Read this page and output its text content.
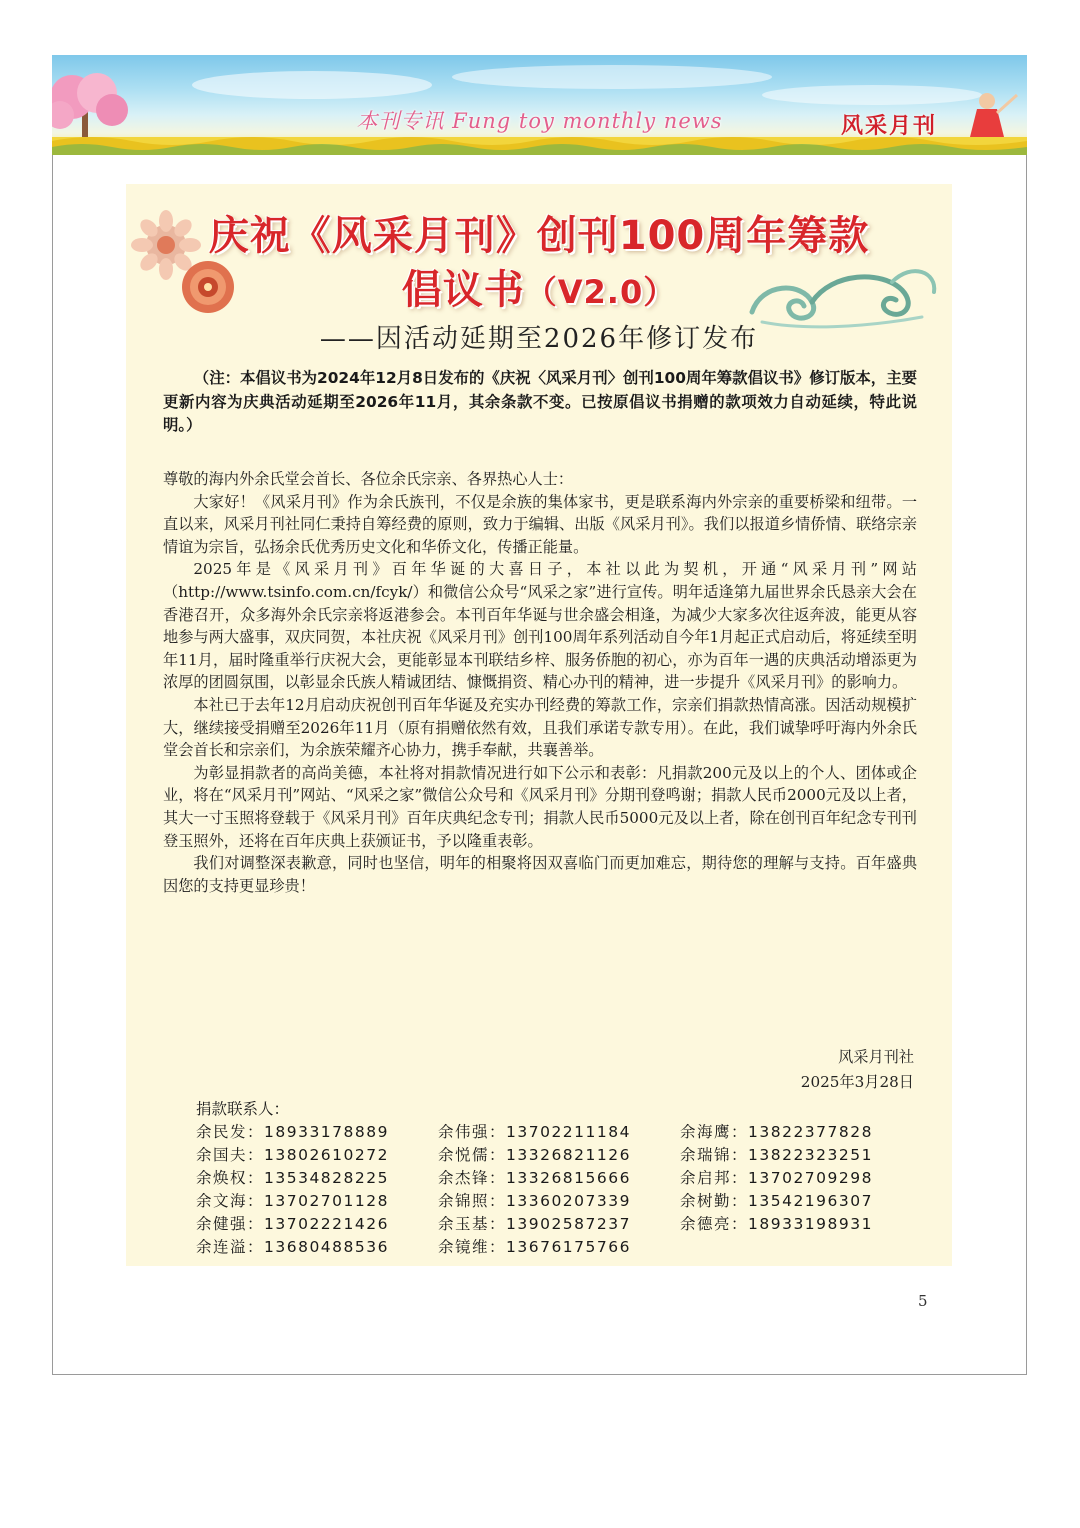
本刊专讯 Fung toy monthly news	风采月刊
庆祝《风采月刊》创刊100周年筹款
倡议书（V2.0）
——因活动延期至2026年修订发布

（注：本倡议书为2024年12月8日发布的《庆祝〈风采月刊〉创刊100周年筹款倡议书》修订版本，主要更新内容为庆典活动延期至2026年11月，其余条款不变。已按原倡议书捐赠的款项效力自动延续，特此说明。）

尊敬的海内外余氏堂会首长、各位余氏宗亲、各界热心人士：

大家好！《风采月刊》作为余氏族刊，不仅是余族的集体家书，更是联系海内外宗亲的重要桥梁和纽带。一直以来，风采月刊社同仁秉持自筹经费的原则，致力于编辑、出版《风采月刊》。我们以报道乡情侨情、联络宗亲情谊为宗旨，弘扬余氏优秀历史文化和华侨文化，传播正能量。

2025年是《风采月刊》百年华诞的大喜日子，本社以此为契机，开通“风采月刊”网站（http://www.tsinfo.com.cn/fcyk/）和微信公众号“风采之家”进行宣传。明年适逢第九届世界余氏恳亲大会在香港召开，众多海外余氏宗亲将返港参会。本刊百年华诞与世余盛会相逢，为减少大家多次往返奔波，能更从容地参与两大盛事，双庆同贺，本社庆祝《风采月刊》创刊100周年系列活动自今年1月起正式启动后，将延续至明年11月，届时隆重举行庆祝大会，更能彰显本刊联结乡梓、服务侨胞的初心，亦为百年一遇的庆典活动增添更为浓厚的团圆氛围，以彰显余氏族人精诚团结、慷慨捐资、精心办刊的精神，进一步提升《风采月刊》的影响力。

本社已于去年12月启动庆祝创刊百年华诞及充实办刊经费的筹款工作，宗亲们捐款热情高涨。因活动规模扩大，继续接受捐赠至2026年11月（原有捐赠依然有效，且我们承诺专款专用）。在此，我们诚挚呼吁海内外余氏堂会首长和宗亲们，为余族荣耀齐心协力，携手奉献，共襄善举。

为彰显捐款者的高尚美德，本社将对捐款情况进行如下公示和表彰：凡捐款200元及以上的个人、团体或企业，将在“风采月刊”网站、“风采之家”微信公众号和《风采月刊》分期刊登鸣谢；捐款人民币2000元及以上者，其大一寸玉照将登载于《风采月刊》百年庆典纪念专刊；捐款人民币5000元及以上者，除在创刊百年纪念专刊刊登玉照外，还将在百年庆典上获颁证书，予以隆重表彰。

我们对调整深表歉意，同时也坚信，明年的相聚将因双喜临门而更加难忘，期待您的理解与支持。百年盛典因您的支持更显珍贵！

风采月刊社
2025年3月28日
捐款联系人：
余民发：18933178889	余伟强：13702211184	余海鹰：13822377828
余国夫：13802610272	余悦儒：13326821126	余瑞锦：13822323251
余焕权：13534828225	余杰锋：13326815666	余启邦：13702709298
余文海：13702701128	余锦照：13360207339	余树勤：13542196307
余健强：13702221426	余玉基：13902587237	余德亮：18933198931
余连溢：13680488536	余镜维：13676175766
5
